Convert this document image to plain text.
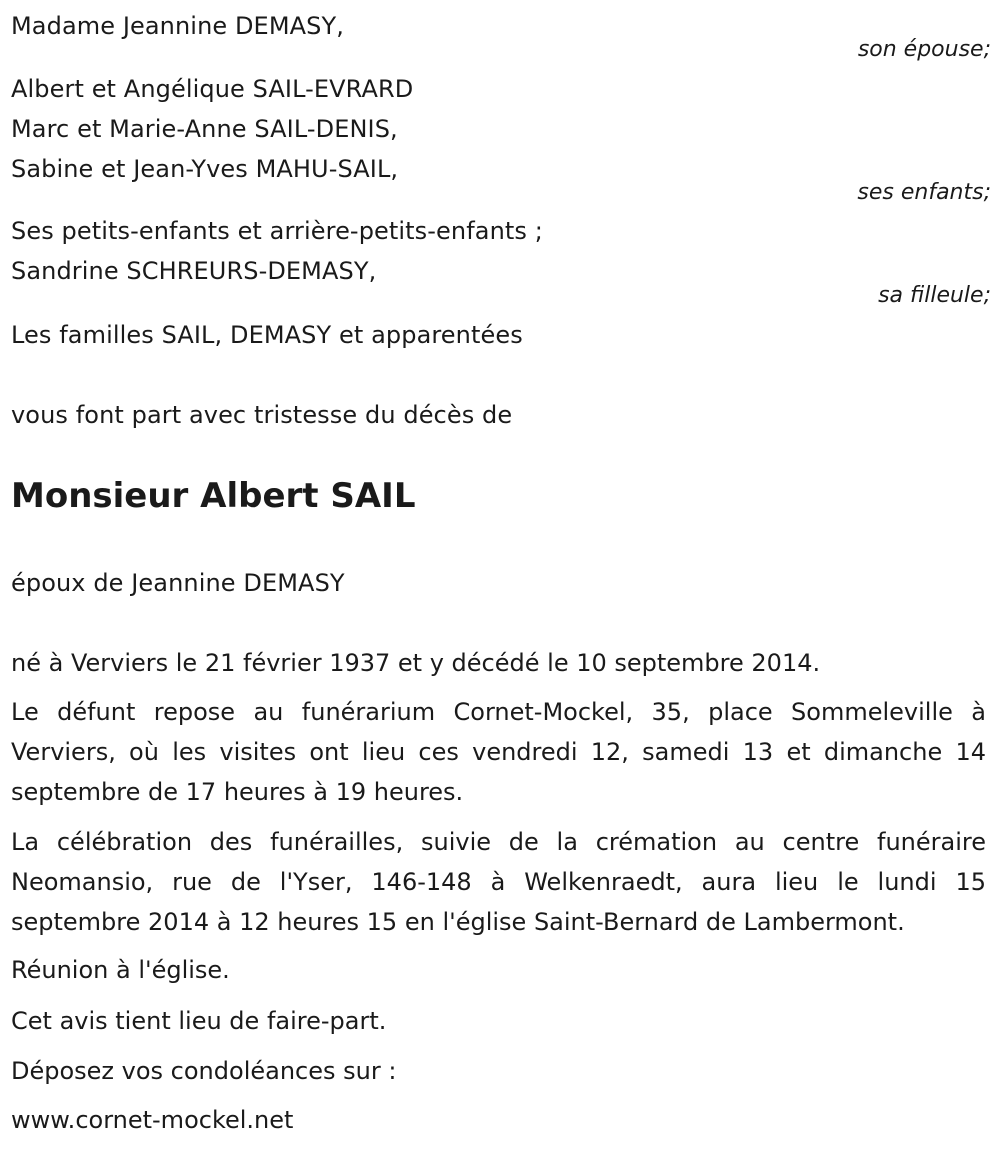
Madame Jeannine DEMASY,
son épouse;
Albert et Angélique SAIL-EVRARD
Marc et Marie-Anne SAIL-DENIS,
Sabine et Jean-Yves MAHU-SAIL,
ses enfants;
Ses petits-enfants et arrière-petits-enfants ;
Sandrine SCHREURS-DEMASY,
sa filleule;
Les familles SAIL, DEMASY et apparentées
vous font part avec tristesse du décès de
Monsieur Albert SAIL
époux de Jeannine DEMASY
né à Verviers le 21 février 1937 et y décédé le 10 septembre 2014.
Le défunt repose au funérarium Cornet-Mockel, 35, place Sommeleville à Verviers, où les visites ont lieu ces vendredi 12, samedi 13 et dimanche 14 septembre de 17 heures à 19 heures.
La célébration des funérailles, suivie de la crémation au centre funéraire Neomansio, rue de l'Yser, 146-148 à Welkenraedt, aura lieu le lundi 15 septembre 2014 à 12 heures 15 en l'église Saint-Bernard de Lambermont.
Réunion à l'église.
Cet avis tient lieu de faire-part.
Déposez vos condoléances sur :
www.cornet-mockel.net
